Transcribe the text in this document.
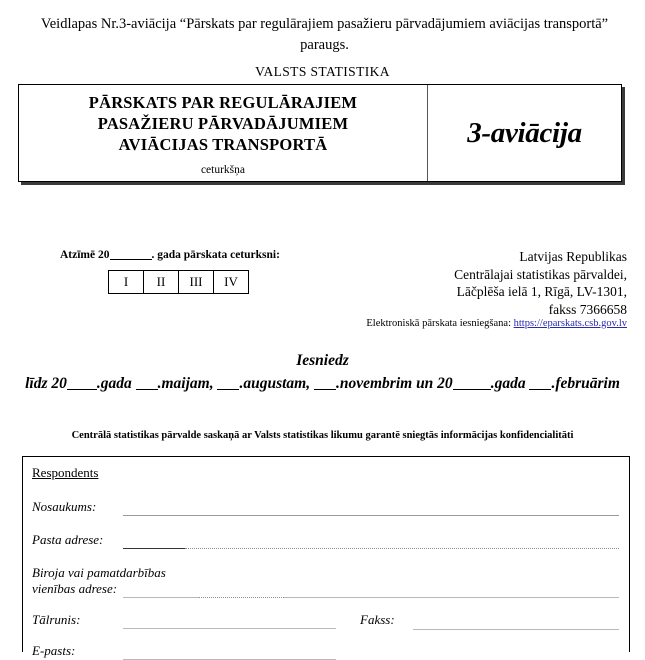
Veidlapas Nr.3-aviācija “Pārskats par regulārajiem pasažieru pārvadājumiem aviācijas transportā” paraugs.
VALSTS STATISTIKA
PĀRSKATS PAR REGULĀRAJIEM
PASAŽIERU PĀRVADĀJUMIEM
AVIĀCIJAS TRANSPORTĀ
ceturkšņa
3-aviācija
Atzīmē 20	. gada pārskata ceturksni:
I	II	III	IV
Latvijas Republikas
Centrālajai statistikas pārvaldei,
Lāčplēša ielā 1, Rīgā, LV-1301,
fakss 7366658
Elektroniskā pārskata iesniegšana: https://eparskats.csb.gov.lv
Iesniedz
līdz 20 .gada .maijam, .augustam, .novembrim un 20 .gada .februārim
Centrālā statistikas pārvalde saskaņā ar Valsts statistikas likumu garantē sniegtās informācijas konfidencialitāti
Respondents
Nosaukums:
Pasta adrese:
Biroja vai pamatdarbības
vienības adrese:
Tālrunis:	Fakss:
E-pasts:
